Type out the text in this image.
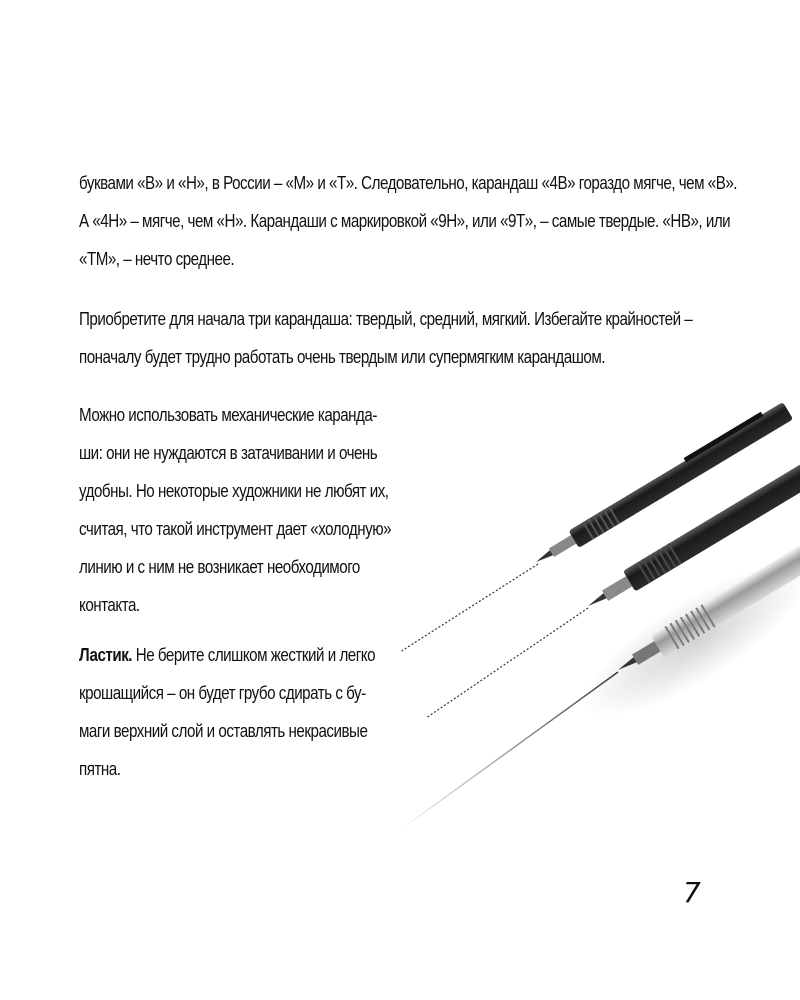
буквами «B» и «H», в России – «M» и «T». Следовательно, карандаш «4B» гораздо мягче, чем «B».
А «4H» – мягче, чем «H». Карандаши с маркировкой «9H», или «9T», – самые твердые. «HB», или
«TM», – нечто среднее.

Приобретите для начала три карандаша: твердый, средний, мягкий. Избегайте крайностей –
поначалу будет трудно работать очень твердым или супермягким карандашом.

Можно использовать механические каранда-
ши: они не нуждаются в затачивании и очень
удобны. Но некоторые художники не любят их,
считая, что такой инструмент дает «холодную»
линию и с ним не возникает необходимого
контакта.

Ластик. Не берите слишком жесткий и легко
крошащийся – он будет грубо сдирать с бу-
маги верхний слой и оставлять некрасивые
пятна.

7
